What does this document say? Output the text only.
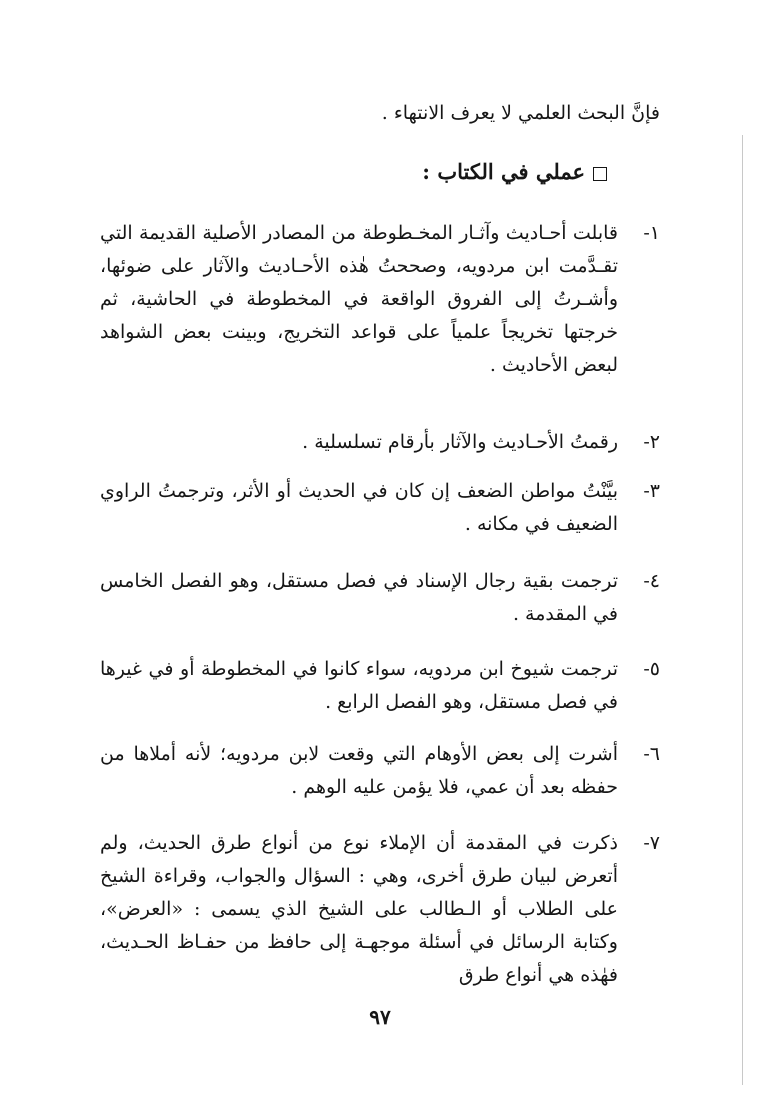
فإنَّ البحث العلمي لا يعرف الانتهاء .
عملي في الكتاب :
١-
قابلت أحـاديث وآثـار المخـطوطة من المصادر الأصلية القديمة التي تقـدَّمت ابن مردويه، وصححتُ هٰذه الأحـاديث والآثار على ضوئها، وأشـرتُ إلى الفروق الواقعة في المخطوطة في الحاشية، ثم خرجتها تخريجاً علمياً على قواعد التخريج، وبينت بعض الشواهد لبعض الأحاديث .
٢-
رقمتُ الأحـاديث والآثار بأرقام تسلسلية .
٣-
بيَّنْتُ مواطن الضعف إن كان في الحديث أو الأثر، وترجمتُ الراوي الضعيف في مكانه .
٤-
ترجمت بقية رجال الإسناد في فصل مستقل، وهو الفصل الخامس في المقدمة .
٥-
ترجمت شيوخ ابن مردويه، سواء كانوا في المخطوطة أو في غيرها في فصل مستقل، وهو الفصل الرابع .
٦-
أشرت إلى بعض الأوهام التي وقعت لابن مردويه؛ لأنه أملاها من حفظه بعد أن عمي، فلا يؤمن عليه الوهم .
٧-
ذكرت في المقدمة أن الإملاء نوع من أنواع طرق الحديث، ولم أتعرض لبيان طرق أخرى، وهي : السؤال والجواب، وقراءة الشيخ على الطلاب أو الـطالب على الشيخ الذي يسمى : «العرض»، وكتابة الرسائل في أسئلة موجهـة إلى حافظ من حفـاظ الحـديث، فهٰذه هي أنواع طرق
٩٧
